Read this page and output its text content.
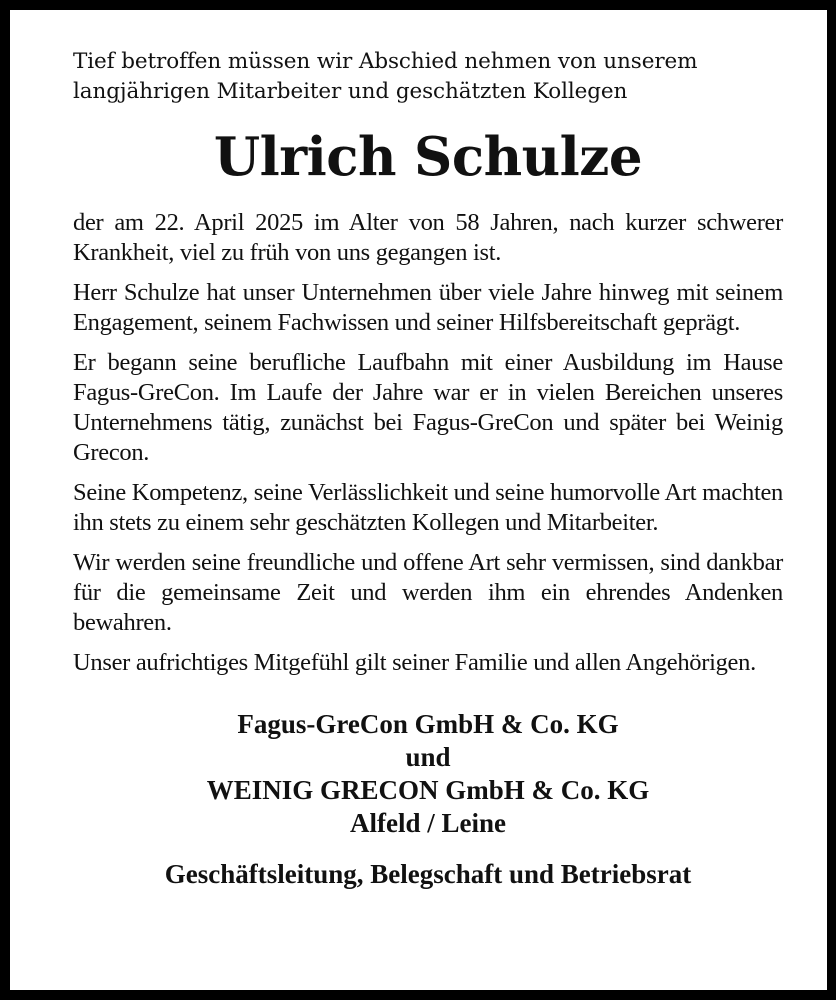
Tief betroffen müssen wir Abschied nehmen von unserem langjährigen Mitarbeiter und geschätzten Kollegen

Ulrich Schulze

der am 22. April 2025 im Alter von 58 Jahren, nach kurzer schwerer Krankheit, viel zu früh von uns gegangen ist.

Herr Schulze hat unser Unternehmen über viele Jahre hinweg mit seinem Engagement, seinem Fachwissen und seiner Hilfsbereitschaft geprägt.

Er begann seine berufliche Laufbahn mit einer Ausbildung im Hause Fagus-GreCon. Im Laufe der Jahre war er in vielen Bereichen unseres Unternehmens tätig, zunächst bei Fagus-GreCon und später bei Weinig Grecon.

Seine Kompetenz, seine Verlässlichkeit und seine humorvolle Art machten ihn stets zu einem sehr geschätzten Kollegen und Mitarbeiter.

Wir werden seine freundliche und offene Art sehr vermissen, sind dankbar für die gemeinsame Zeit und werden ihm ein ehrendes Andenken bewahren.

Unser aufrichtiges Mitgefühl gilt seiner Familie und allen Angehörigen.

Fagus-GreCon GmbH & Co. KG
und
WEINIG GRECON GmbH & Co. KG
Alfeld / Leine
Geschäftsleitung, Belegschaft und Betriebsrat
